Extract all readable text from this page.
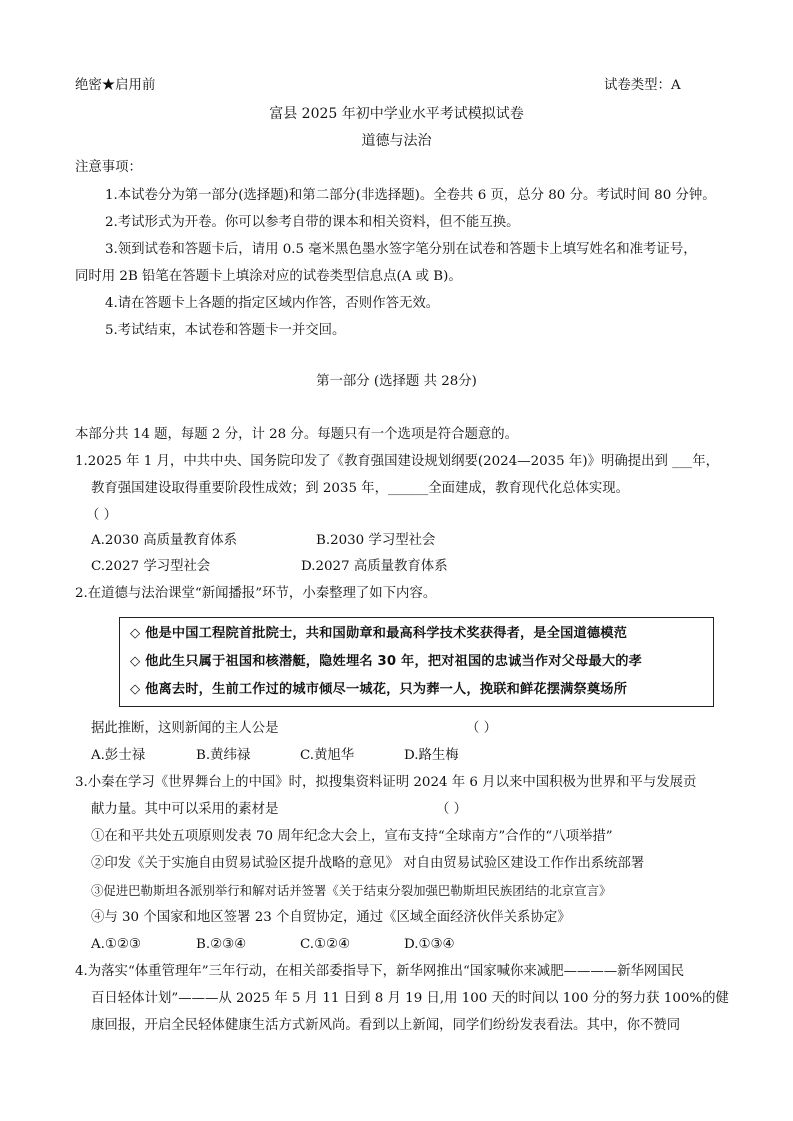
绝密★启用前	试卷类型：A
富县 2025 年初中学业水平考试模拟试卷
道德与法治
注意事项：
1.本试卷分为第一部分(选择题)和第二部分(非选择题)。全卷共 6 页，总分 80 分。考试时间 80 分钟。
2.考试形式为开卷。你可以参考自带的课本和相关资料，但不能互换。
3.领到试卷和答题卡后，请用 0.5 毫米黑色墨水签字笔分别在试卷和答题卡上填写姓名和准考证号，
同时用 2B 铅笔在答题卡上填涂对应的试卷类型信息点(A 或 B)。
4.请在答题卡上各题的指定区域内作答，否则作答无效。
5.考试结束，本试卷和答题卡一并交回。
第一部分 (选择题 共 28分)
本部分共 14 题，每题 2 分，计 28 分。每题只有一个选项是符合题意的。
1.2025 年 1 月，中共中央、国务院印发了《教育强国建设规划纲要(2024—2035 年)》明确提出到 ___年，
教育强国建设取得重要阶段性成效；到 2035 年，______全面建成，教育现代化总体实现。
（ ）
A.2030 高质量教育体系	B.2030 学习型社会
C.2027 学习型社会	D.2027 高质量教育体系
2.在道德与法治课堂“新闻播报”环节，小秦整理了如下内容。
◇ 他是中国工程院首批院士，共和国勋章和最高科学技术奖获得者，是全国道德模范
◇ 他此生只属于祖国和核潜艇，隐姓埋名 30 年，把对祖国的忠诚当作对父母最大的孝
◇ 他离去时，生前工作过的城市倾尽一城花，只为葬一人，挽联和鲜花摆满祭奠场所
据此推断，这则新闻的主人公是	（ ）
A.彭士禄	B.黄纬禄	C.黄旭华	D.路生梅
3.小秦在学习《世界舞台上的中国》时，拟搜集资料证明 2024 年 6 月以来中国积极为世界和平与发展贡
献力量。其中可以采用的素材是	（ ）
①在和平共处五项原则发表 70 周年纪念大会上，宣布支持“全球南方”合作的“八项举措”
②印发《关于实施自由贸易试验区提升战略的意见》 对自由贸易试验区建设工作作出系统部署
③促进巴勒斯坦各派别举行和解对话并签署《关于结束分裂加强巴勒斯坦民族团结的北京宣言》
④与 30 个国家和地区签署 23 个自贸协定，通过《区域全面经济伙伴关系协定》
A.①②③	B.②③④	C.①②④	D.①③④
4.为落实“体重管理年”三年行动，在相关部委指导下，新华网推出“国家喊你来减肥————新华网国民
百日轻体计划”———从 2025 年 5 月 11 日到 8 月 19 日,用 100 天的时间以 100 分的努力获 100%的健
康回报，开启全民轻体健康生活方式新风尚。看到以上新闻，同学们纷纷发表看法。其中，你不赞同
